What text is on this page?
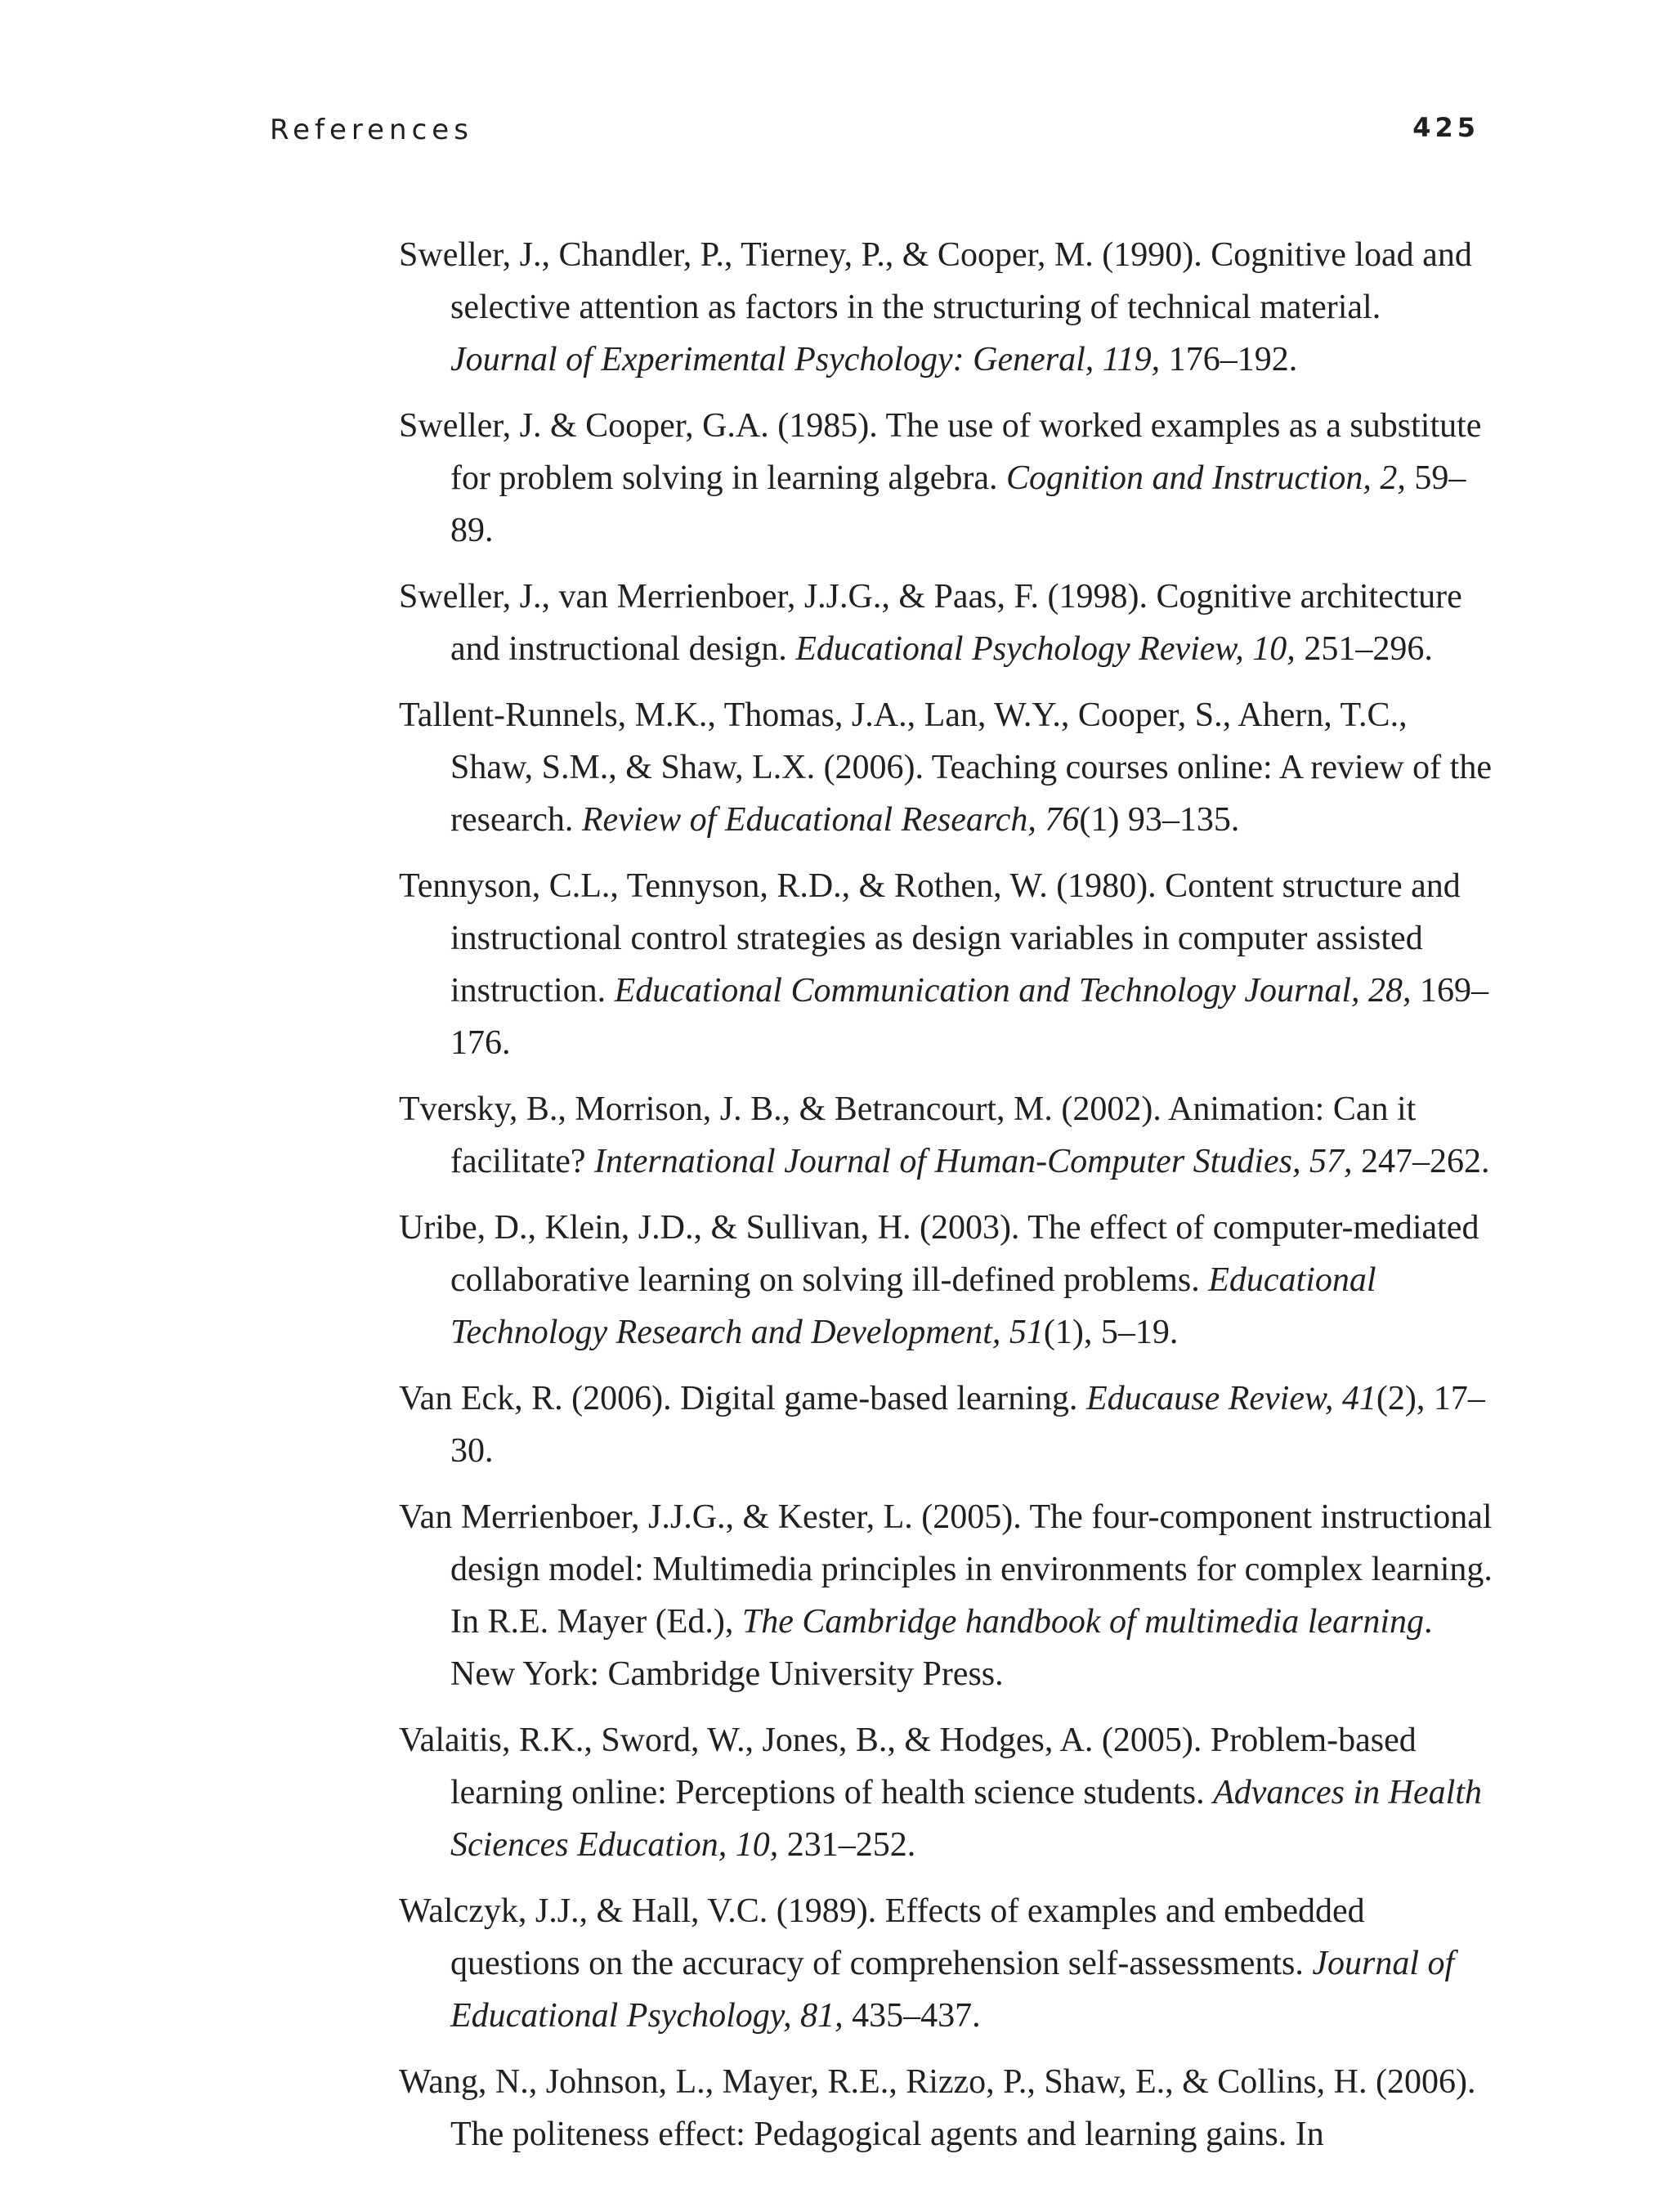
References	425
Sweller, J., Chandler, P., Tierney, P., & Cooper, M. (1990). Cognitive load and selective attention as factors in the structuring of technical material. Journal of Experimental Psychology: General, 119, 176–192.
Sweller, J. & Cooper, G.A. (1985). The use of worked examples as a substitute for problem solving in learning algebra. Cognition and Instruction, 2, 59–89.
Sweller, J., van Merrienboer, J.J.G., & Paas, F. (1998). Cognitive architecture and instructional design. Educational Psychology Review, 10, 251–296.
Tallent-Runnels, M.K., Thomas, J.A., Lan, W.Y., Cooper, S., Ahern, T.C., Shaw, S.M., & Shaw, L.X. (2006). Teaching courses online: A review of the research. Review of Educational Research, 76(1) 93–135.
Tennyson, C.L., Tennyson, R.D., & Rothen, W. (1980). Content structure and instructional control strategies as design variables in computer assisted instruction. Educational Communication and Technology Journal, 28, 169–176.
Tversky, B., Morrison, J. B., & Betrancourt, M. (2002). Animation: Can it facilitate? International Journal of Human-Computer Studies, 57, 247–262.
Uribe, D., Klein, J.D., & Sullivan, H. (2003). The effect of computer-mediated collaborative learning on solving ill-defined problems. Educational Technology Research and Development, 51(1), 5–19.
Van Eck, R. (2006). Digital game-based learning. Educause Review, 41(2), 17–30.
Van Merrienboer, J.J.G., & Kester, L. (2005). The four-component instructional design model: Multimedia principles in environments for complex learning. In R.E. Mayer (Ed.), The Cambridge handbook of multimedia learning. New York: Cambridge University Press.
Valaitis, R.K., Sword, W., Jones, B., & Hodges, A. (2005). Problem-based learning online: Perceptions of health science students. Advances in Health Sciences Education, 10, 231–252.
Walczyk, J.J., & Hall, V.C. (1989). Effects of examples and embedded questions on the accuracy of comprehension self-assessments. Journal of Educational Psychology, 81, 435–437.
Wang, N., Johnson, L., Mayer, R.E., Rizzo, P., Shaw, E., & Collins, H. (2006). The politeness effect: Pedagogical agents and learning gains. In
